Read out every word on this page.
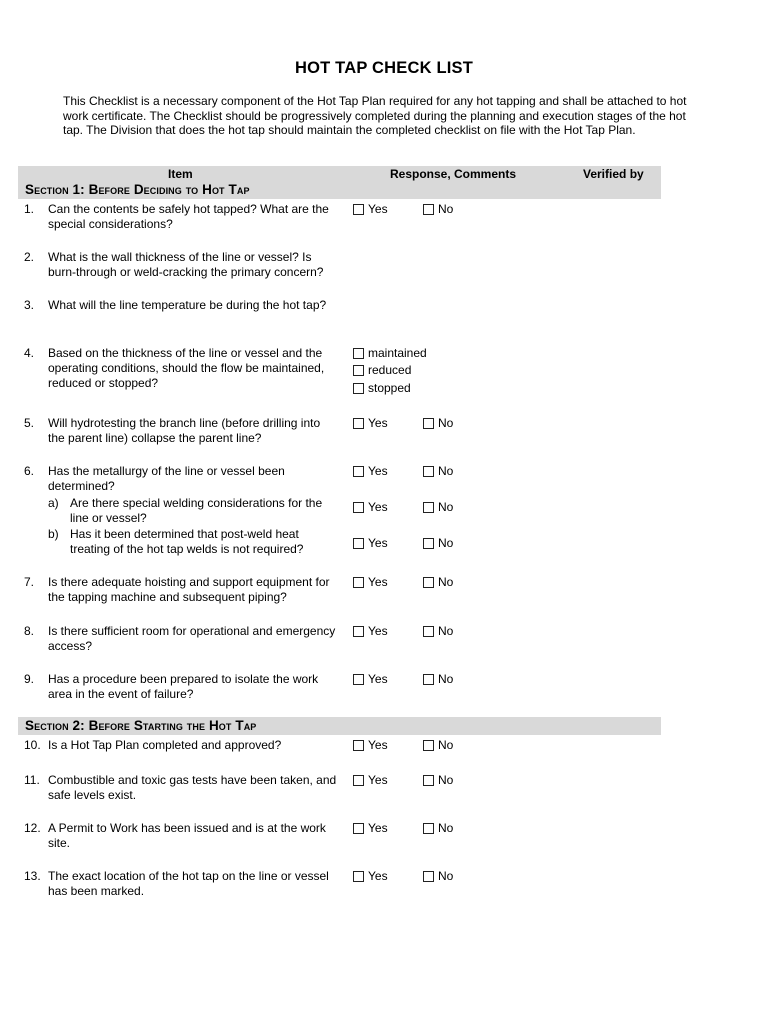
HOT TAP CHECK LIST
This Checklist is a necessary component of the Hot Tap Plan required for any hot tapping and shall be attached to hot work certificate. The Checklist should be progressively completed during the planning and execution stages of the hot tap. The Division that does the hot tap should maintain the completed checklist on file with the Hot Tap Plan.
Item	Response, Comments	Verified by
Section 1: Before Deciding to Hot Tap
1. Can the contents be safely hot tapped? What are the special considerations?
Yes	No
2. What is the wall thickness of the line or vessel? Is burn-through or weld-cracking the primary concern?
3. What will the line temperature be during the hot tap?
4. Based on the thickness of the line or vessel and the operating conditions, should the flow be maintained, reduced or stopped?
maintained
reduced
stopped
5. Will hydrotesting the branch line (before drilling into the parent line) collapse the parent line?
Yes	No
6. Has the metallurgy of the line or vessel been determined?
Yes	No
a) Are there special welding considerations for the line or vessel?
Yes	No
b) Has it been determined that post-weld heat treating of the hot tap welds is not required?	Yes	No
7. Is there adequate hoisting and support equipment for the tapping machine and subsequent piping?
Yes	No
8. Is there sufficient room for operational and emergency access?
Yes	No
9. Has a procedure been prepared to isolate the work area in the event of failure?
Yes	No
Section 2: Before Starting the Hot Tap
10. Is a Hot Tap Plan completed and approved?	Yes	No
11. Combustible and toxic gas tests have been taken, and safe levels exist.
Yes	No
12. A Permit to Work has been issued and is at the work site.
Yes	No
13. The exact location of the hot tap on the line or vessel has been marked.
Yes	No
